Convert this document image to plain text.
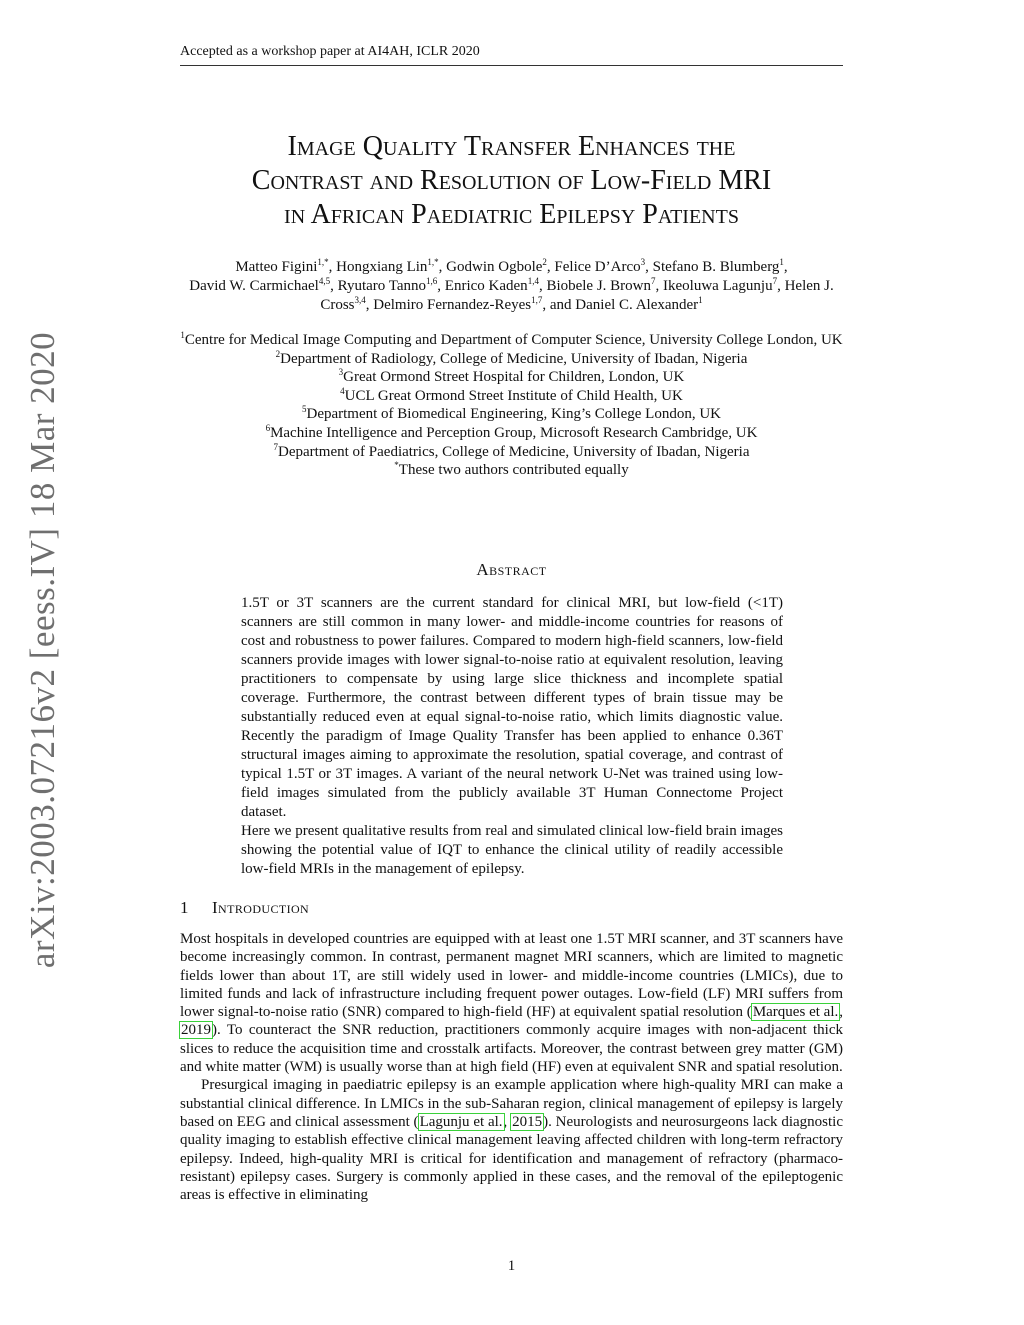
Accepted as a workshop paper at AI4AH, ICLR 2020
arXiv:2003.07216v2 [eess.IV] 18 Mar 2020
Image Quality Transfer Enhances the
Contrast and Resolution of Low-Field MRI
in African Paediatric Epilepsy Patients
Matteo Figini$^{1,*}$, Hongxiang Lin$^{1,*}$, Godwin Ogbole$^2$, Felice D’Arco$^3$, Stefano B. Blumberg$^1$,
David W. Carmichael$^{4,5}$, Ryutaro Tanno$^{1,6}$, Enrico Kaden$^{1,4}$, Biobele J. Brown$^7$, Ikeoluwa Lagunju$^7$, Helen J. Cross$^{3,4}$, Delmiro Fernandez-Reyes$^{1,7}$, and Daniel C. Alexander$^1$
$^1$Centre for Medical Image Computing and Department of Computer Science, University College London, UK
$^2$Department of Radiology, College of Medicine, University of Ibadan, Nigeria
$^3$Great Ormond Street Hospital for Children, London, UK
$^4$UCL Great Ormond Street Institute of Child Health, UK
$^5$Department of Biomedical Engineering, King’s College London, UK
$^6$Machine Intelligence and Perception Group, Microsoft Research Cambridge, UK
$^7$Department of Paediatrics, College of Medicine, University of Ibadan, Nigeria
*These two authors contributed equally
Abstract

1.5T or 3T scanners are the current standard for clinical MRI, but low-field (<1T) scanners are still common in many lower- and middle-income countries for reasons of cost and robustness to power failures. Compared to modern high-field scanners, low-field scanners provide images with lower signal-to-noise ratio at equivalent resolution, leaving practitioners to compensate by using large slice thickness and incomplete spatial coverage. Furthermore, the contrast between different types of brain tissue may be substantially reduced even at equal signal-to-noise ratio, which limits diagnostic value. Recently the paradigm of Image Quality Transfer has been applied to enhance 0.36T structural images aiming to approximate the resolution, spatial coverage, and contrast of typical 1.5T or 3T images. A variant of the neural network U-Net was trained using low-field images simulated from the publicly available 3T Human Connectome Project dataset.

Here we present qualitative results from real and simulated clinical low-field brain images showing the potential value of IQT to enhance the clinical utility of readily accessible low-field MRIs in the management of epilepsy.

1 Introduction

Most hospitals in developed countries are equipped with at least one 1.5T MRI scanner, and 3T scanners have become increasingly common. In contrast, permanent magnet MRI scanners, which are limited to magnetic fields lower than about 1T, are still widely used in lower- and middle-income countries (LMICs), due to limited funds and lack of infrastructure including frequent power outages. Low-field (LF) MRI suffers from lower signal-to-noise ratio (SNR) compared to high-field (HF) at equivalent spatial resolution (Marques et al., 2019). To counteract the SNR reduction, practitioners commonly acquire images with non-adjacent thick slices to reduce the acquisition time and crosstalk artifacts. Moreover, the contrast between grey matter (GM) and white matter (WM) is usually worse than at high field (HF) even at equivalent SNR and spatial resolution.

Presurgical imaging in paediatric epilepsy is an example application where high-quality MRI can make a substantial clinical difference. In LMICs in the sub-Saharan region, clinical management of epilepsy is largely based on EEG and clinical assessment (Lagunju et al., 2015). Neurologists and neurosurgeons lack diagnostic quality imaging to establish effective clinical management leaving affected children with long-term refractory epilepsy. Indeed, high-quality MRI is critical for identification and management of refractory (pharmaco-resistant) epilepsy cases. Surgery is commonly applied in these cases, and the removal of the epileptogenic areas is effective in eliminating

1
